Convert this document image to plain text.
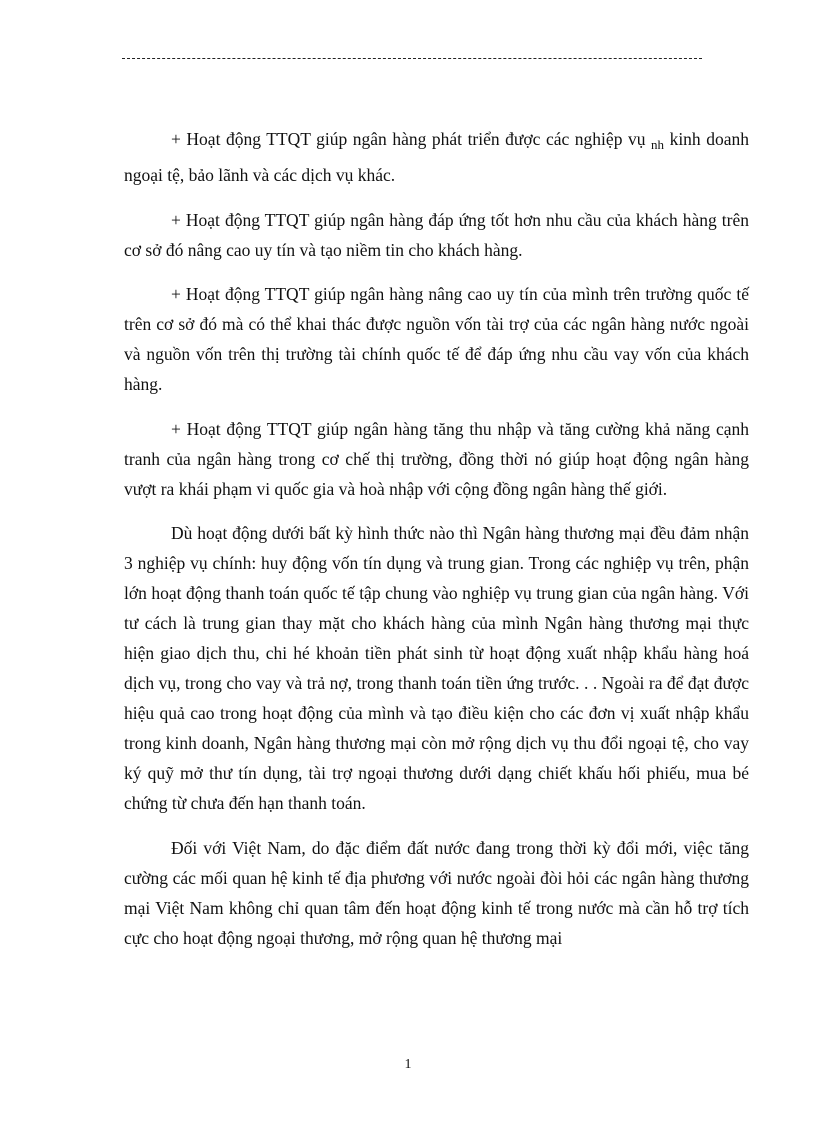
+ Hoạt động TTQT giúp ngân hàng phát triển được các nghiệp vụ $_{nh}$ kinh doanh ngoại tệ, bảo lãnh và các dịch vụ khác.

+ Hoạt động TTQT giúp ngân hàng đáp ứng tốt hơn nhu cầu của khách hàng trên cơ sở đó nâng cao uy tín và tạo niềm tin cho khách hàng.

+ Hoạt động TTQT giúp ngân hàng nâng cao uy tín của mình trên trường quốc tế trên cơ sở đó mà có thể khai thác được nguồn vốn tài trợ của các ngân hàng nước ngoài và nguồn vốn trên thị trường tài chính quốc tế để đáp ứng nhu cầu vay vốn của khách hàng.

+ Hoạt động TTQT giúp ngân hàng tăng thu nhập và tăng cường khả năng cạnh tranh của ngân hàng trong cơ chế thị trường, đồng thời nó giúp hoạt động ngân hàng vượt ra khái phạm vi quốc gia và hoà nhập với cộng đồng ngân hàng thế giới.

Dù hoạt động dưới bất kỳ hình thức nào thì Ngân hàng thương mại đều đảm nhận 3 nghiệp vụ chính: huy động vốn tín dụng và trung gian. Trong các nghiệp vụ trên, phận lớn hoạt động thanh toán quốc tế tập chung vào nghiệp vụ trung gian của ngân hàng. Với tư cách là trung gian thay mặt cho khách hàng của mình Ngân hàng thương mại thực hiện giao dịch thu, chi hé khoản tiền phát sinh từ hoạt động xuất nhập khẩu hàng hoá dịch vụ, trong cho vay và trả nợ, trong thanh toán tiền ứng trước. . . Ngoài ra để đạt được hiệu quả cao trong hoạt động của mình và tạo điều kiện cho các đơn vị xuất nhập khẩu trong kinh doanh, Ngân hàng thương mại còn mở rộng dịch vụ thu đổi ngoại tệ, cho vay ký quỹ mở thư tín dụng, tài trợ ngoại thương dưới dạng chiết khấu hối phiếu, mua bé chứng từ chưa đến hạn thanh toán.

Đối với Việt Nam, do đặc điểm đất nước đang trong thời kỳ đổi mới, việc tăng cường các mối quan hệ kinh tế địa phương với nước ngoài đòi hỏi các ngân hàng thương mại Việt Nam không chỉ quan tâm đến hoạt động kinh tế trong nước mà cần hỗ trợ tích cực cho hoạt động ngoại thương, mở rộng quan hệ thương mại

1
